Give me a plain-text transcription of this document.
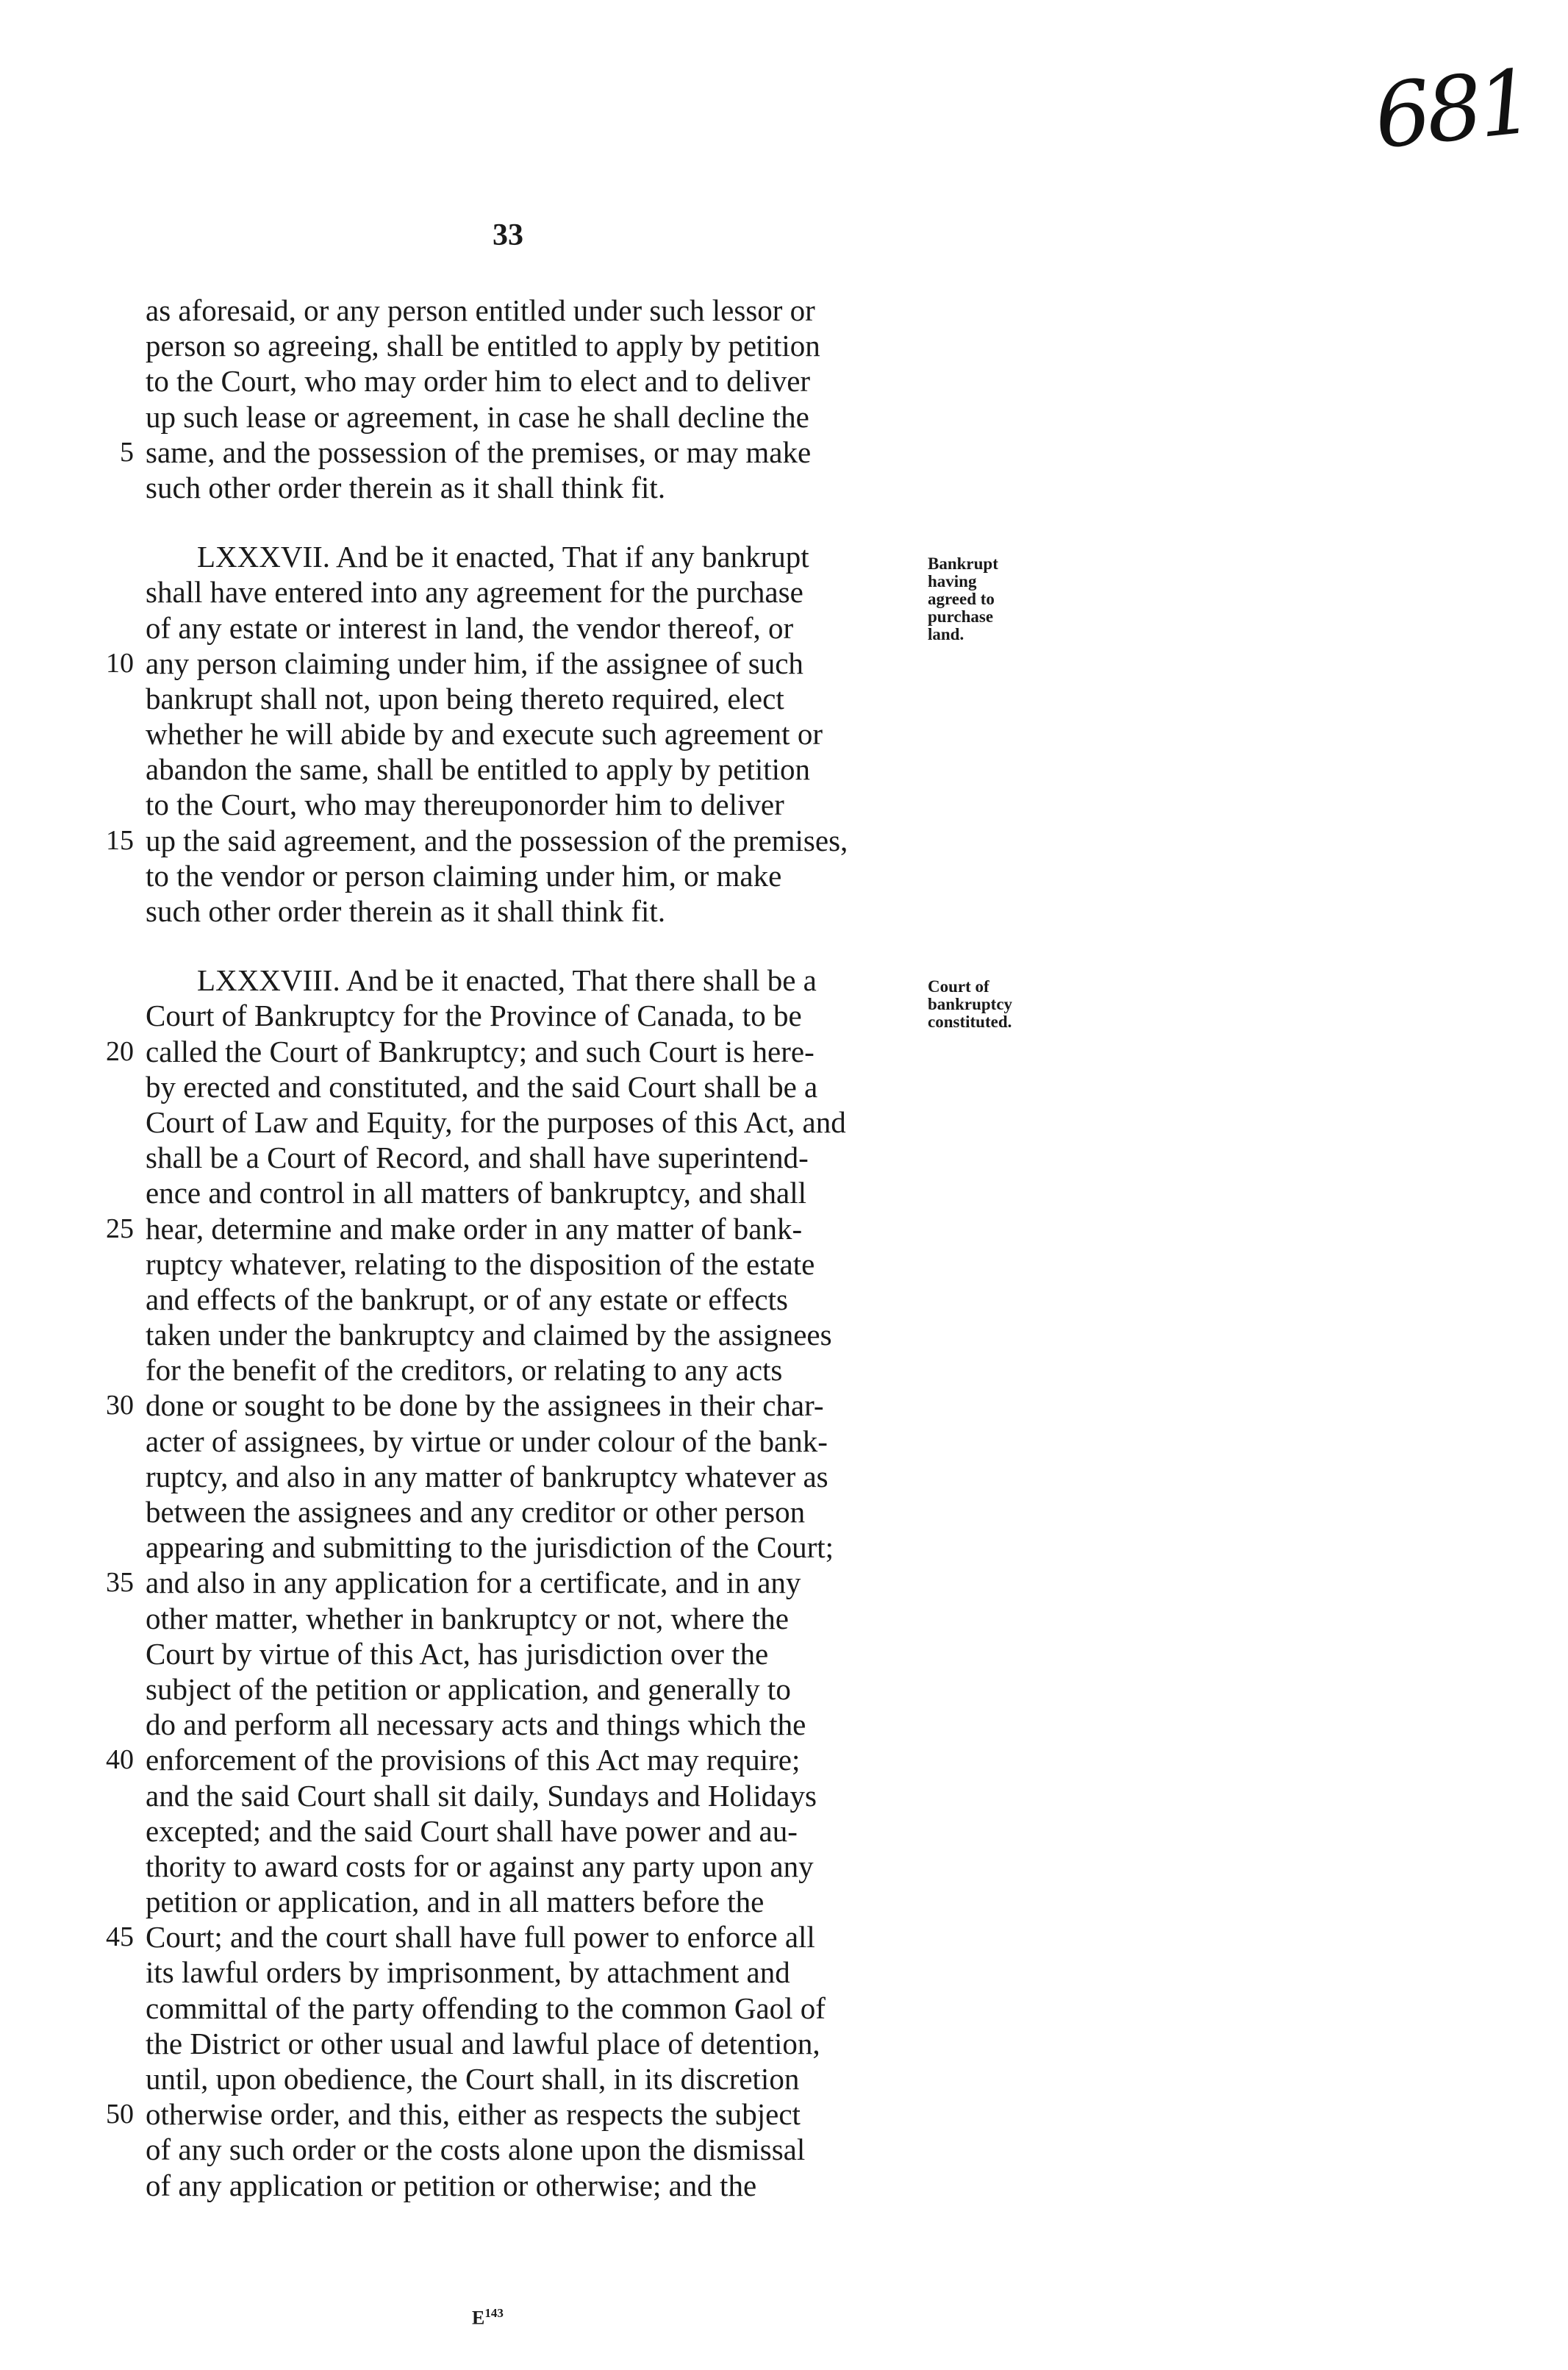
681
33
as aforesaid, or any person entitled under such lessor or
person so agreeing, shall be entitled to apply by petition
to the Court, who may order him to elect and to deliver
up such lease or agreement, in case he shall decline the
5 same, and the possession of the premises, or may make
such other order therein as it shall think fit.
LXXXVII. And be it enacted, That if any bankrupt
shall have entered into any agreement for the purchase
of any estate or interest in land, the vendor thereof, or
10 any person claiming under him, if the assignee of such
bankrupt shall not, upon being thereto required, elect
whether he will abide by and execute such agreement or
abandon the same, shall be entitled to apply by petition
to the Court, who may thereuponorder him to deliver
15 up the said agreement, and the possession of the premises,
to the vendor or person claiming under him, or make
such other order therein as it shall think fit.
LXXXVIII. And be it enacted, That there shall be a
Court of Bankruptcy for the Province of Canada, to be
20 called the Court of Bankruptcy; and such Court is here-
by erected and constituted, and the said Court shall be a
Court of Law and Equity, for the purposes of this Act, and
shall be a Court of Record, and shall have superintend-
ence and control in all matters of bankruptcy, and shall
25 hear, determine and make order in any matter of bank-
ruptcy whatever, relating to the disposition of the estate
and effects of the bankrupt, or of any estate or effects
taken under the bankruptcy and claimed by the assignees
for the benefit of the creditors, or relating to any acts
30 done or sought to be done by the assignees in their char-
acter of assignees, by virtue or under colour of the bank-
ruptcy, and also in any matter of bankruptcy whatever as
between the assignees and any creditor or other person
appearing and submitting to the jurisdiction of the Court;
35 and also in any application for a certificate, and in any
other matter, whether in bankruptcy or not, where the
Court by virtue of this Act, has jurisdiction over the
subject of the petition or application, and generally to
do and perform all necessary acts and things which the
40 enforcement of the provisions of this Act may require;
and the said Court shall sit daily, Sundays and Holidays
excepted; and the said Court shall have power and au-
thority to award costs for or against any party upon any
petition or application, and in all matters before the
45 Court; and the court shall have full power to enforce all
its lawful orders by imprisonment, by attachment and
committal of the party offending to the common Gaol of
the District or other usual and lawful place of detention,
until, upon obedience, the Court shall, in its discretion
50 otherwise order, and this, either as respects the subject
of any such order or the costs alone upon the dismissal
of any application or petition or otherwise; and the
Bankrupt
having
agreed to
purchase
land.
Court of
bankruptcy
constituted.
$E^{143}$
